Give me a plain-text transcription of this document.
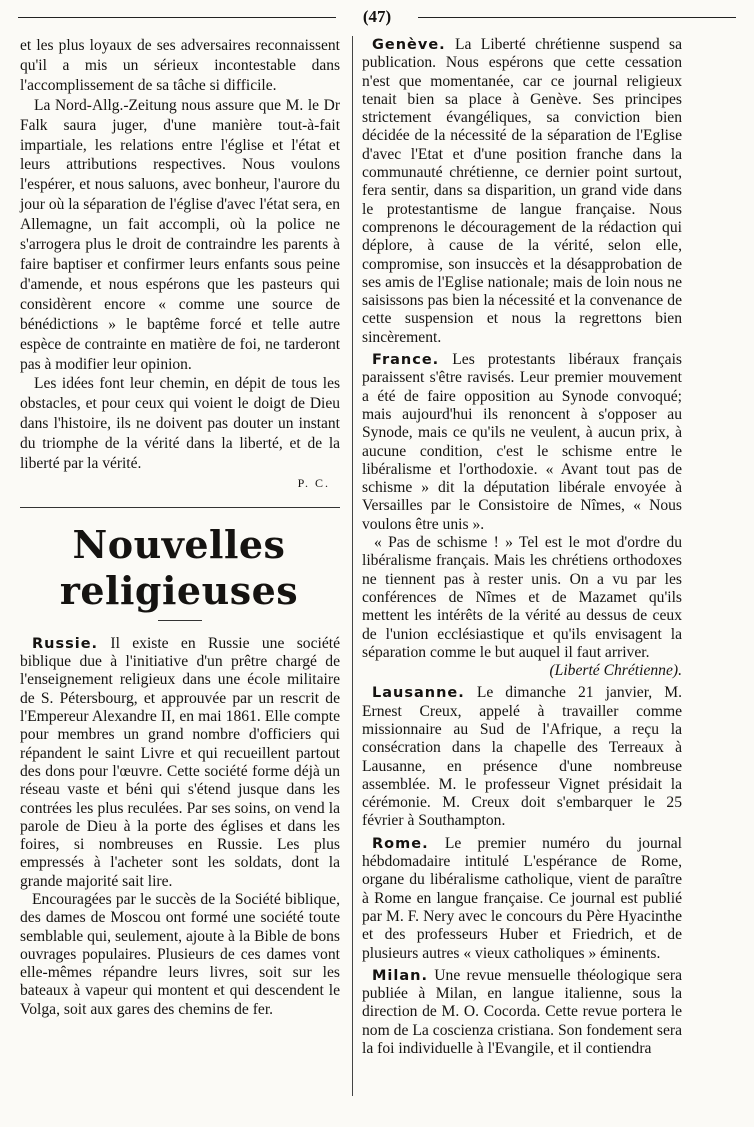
(47)

et les plus loyaux de ses adversaires reconnaissent qu'il a mis un sérieux incontestable dans l'accomplissement de sa tâche si difficile.

La Nord-Allg.-Zeitung nous assure que M. le Dr Falk saura juger, d'une manière tout-à-fait impartiale, les relations entre l'église et l'état et leurs attributions respectives. Nous voulons l'espérer, et nous saluons, avec bonheur, l'aurore du jour où la séparation de l'église d'avec l'état sera, en Allemagne, un fait accompli, où la police ne s'arrogera plus le droit de contraindre les parents à faire baptiser et confirmer leurs enfants sous peine d'amende, et nous espérons que les pasteurs qui considèrent encore « comme une source de bénédictions » le baptême forcé et telle autre espèce de contrainte en matière de foi, ne tarderont pas à modifier leur opinion.

Les idées font leur chemin, en dépit de tous les obstacles, et pour ceux qui voient le doigt de Dieu dans l'histoire, ils ne doivent pas douter un instant du triomphe de la vérité dans la liberté, et de la liberté par la vérité.

P. C.
Nouvelles religieuses

Russie. Il existe en Russie une société biblique due à l'initiative d'un prêtre chargé de l'enseignement religieux dans une école militaire de S. Pétersbourg, et approuvée par un rescrit de l'Empereur Alexandre II, en mai 1861. Elle compte pour membres un grand nombre d'officiers qui répandent le saint Livre et qui recueillent partout des dons pour l'œuvre. Cette société forme déjà un réseau vaste et béni qui s'étend jusque dans les contrées les plus reculées. Par ses soins, on vend la parole de Dieu à la porte des églises et dans les foires, si nombreuses en Russie. Les plus empressés à l'acheter sont les soldats, dont la grande majorité sait lire.

Encouragées par le succès de la Société biblique, des dames de Moscou ont formé une société toute semblable qui, seulement, ajoute à la Bible de bons ouvrages populaires. Plusieurs de ces dames vont elle-mêmes répandre leurs livres, soit sur les bateaux à vapeur qui montent et qui descendent le Volga, soit aux gares des chemins de fer.

Genève. La Liberté chrétienne suspend sa publication. Nous espérons que cette cessation n'est que momentanée, car ce journal religieux tenait bien sa place à Genève. Ses principes strictement évangéliques, sa conviction bien décidée de la nécessité de la séparation de l'Eglise d'avec l'Etat et d'une position franche dans la communauté chrétienne, ce dernier point surtout, fera sentir, dans sa disparition, un grand vide dans le protestantisme de langue française. Nous comprenons le découragement de la rédaction qui déplore, à cause de la vérité, selon elle, compromise, son insuccès et la désapprobation de ses amis de l'Eglise nationale; mais de loin nous ne saisissons pas bien la nécessité et la convenance de cette suspension et nous la regrettons bien sincèrement.

France. Les protestants libéraux français paraissent s'être ravisés. Leur premier mouvement a été de faire opposition au Synode convoqué; mais aujourd'hui ils renoncent à s'opposer au Synode, mais ce qu'ils ne veulent, à aucun prix, à aucune condition, c'est le schisme entre le libéralisme et l'orthodoxie. « Avant tout pas de schisme » dit la députation libérale envoyée à Versailles par le Consistoire de Nîmes, « Nous voulons être unis ».

« Pas de schisme ! » Tel est le mot d'ordre du libéralisme français. Mais les chrétiens orthodoxes ne tiennent pas à rester unis. On a vu par les conférences de Nîmes et de Mazamet qu'ils mettent les intérêts de la vérité au dessus de ceux de l'union ecclésiastique et qu'ils envisagent la séparation comme le but auquel il faut arriver.

(Liberté Chrétienne).

Lausanne. Le dimanche 21 janvier, M. Ernest Creux, appelé à travailler comme missionnaire au Sud de l'Afrique, a reçu la consécration dans la chapelle des Terreaux à Lausanne, en présence d'une nombreuse assemblée. M. le professeur Vignet présidait la cérémonie. M. Creux doit s'embarquer le 25 février à Southampton.

Rome. Le premier numéro du journal hébdomadaire intitulé L'espérance de Rome, organe du libéralisme catholique, vient de paraître à Rome en langue française. Ce journal est publié par M. F. Nery avec le concours du Père Hyacinthe et des professeurs Huber et Friedrich, et de plusieurs autres « vieux catholiques » éminents.

Milan. Une revue mensuelle théologique sera publiée à Milan, en langue italienne, sous la direction de M. O. Cocorda. Cette revue portera le nom de La coscienza cristiana. Son fondement sera la foi individuelle à l'Evangile, et il contiendra
